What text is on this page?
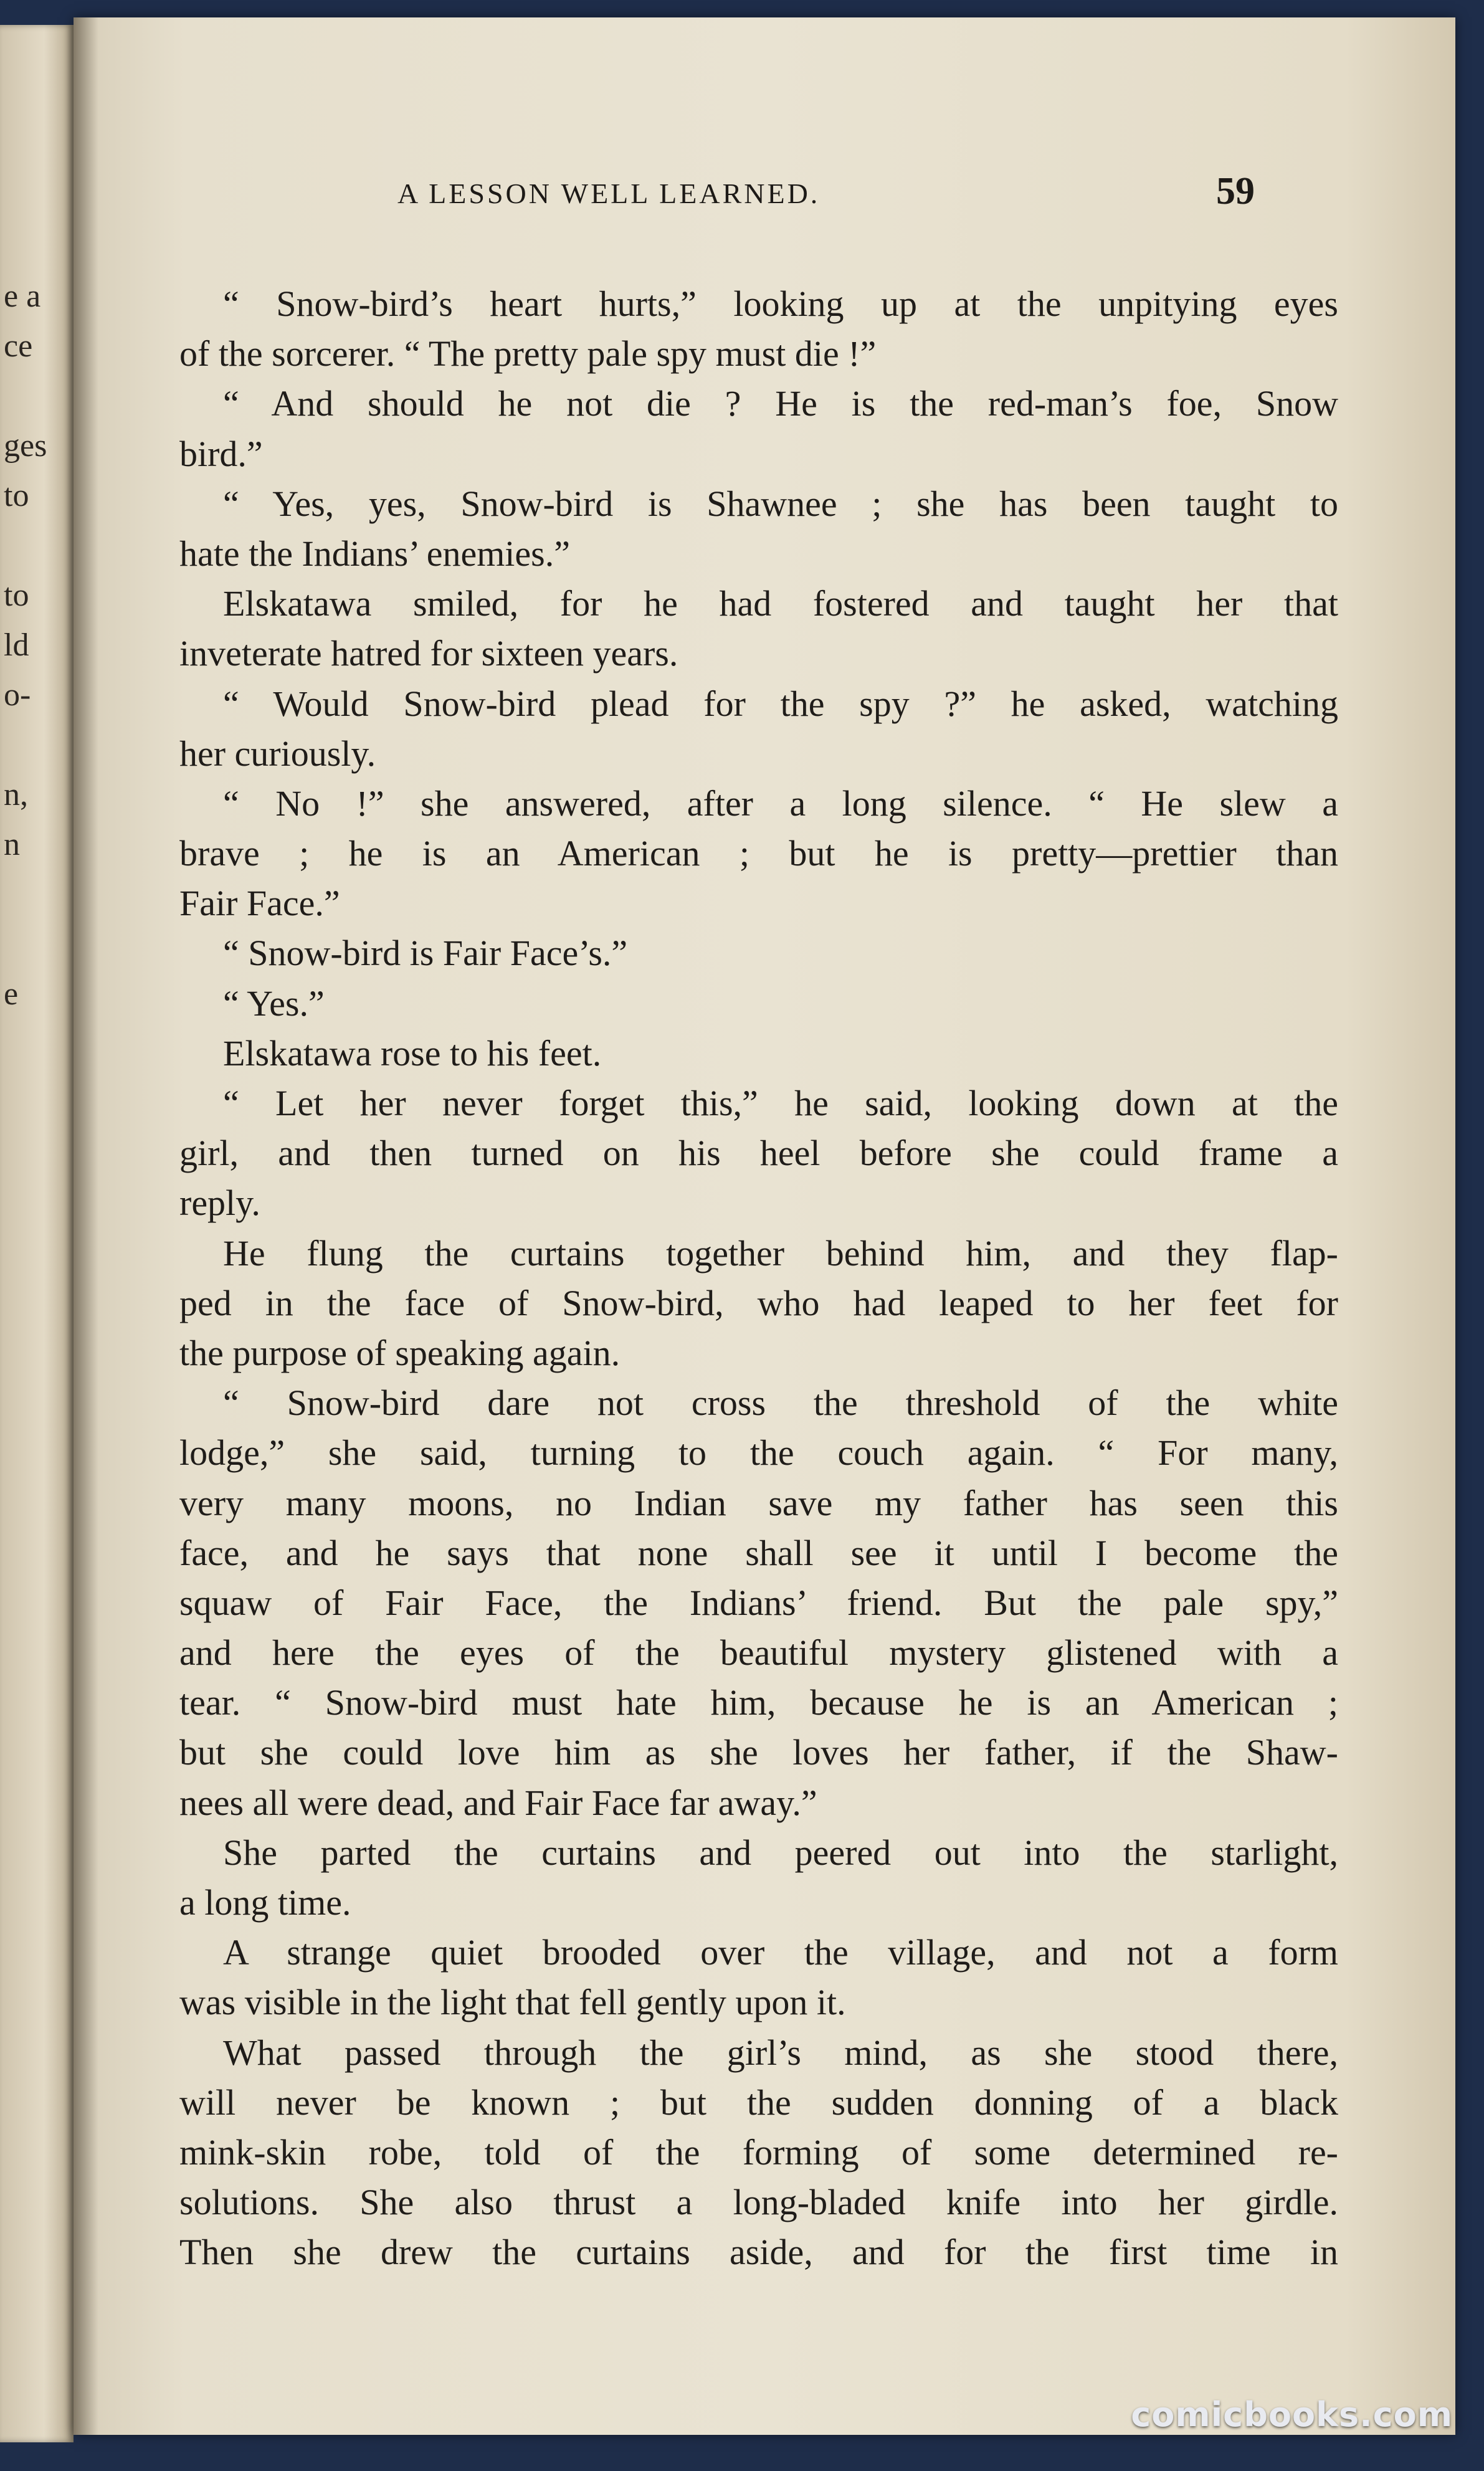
e a
ce
ges
to
to
ld
o-
n,
n
e
A LESSON WELL LEARNED.	59
“ Snow-bird’s heart hurts,” looking up at the unpitying eyes
of the sorcerer. “ The pretty pale spy must die !”
“ And should he not die ? He is the red-man’s foe, Snow
bird.”
“ Yes, yes, Snow-bird is Shawnee ; she has been taught to
hate the Indians’ enemies.”
Elskatawa smiled, for he had fostered and taught her that
inveterate hatred for sixteen years.
“ Would Snow-bird plead for the spy ?” he asked, watching
her curiously.
“ No !” she answered, after a long silence. “ He slew a
brave ; he is an American ; but he is pretty—prettier than
Fair Face.”
“ Snow-bird is Fair Face’s.”
“ Yes.”
Elskatawa rose to his feet.
“ Let her never forget this,” he said, looking down at the
girl, and then turned on his heel before she could frame a
reply.
He flung the curtains together behind him, and they flap-
ped in the face of Snow-bird, who had leaped to her feet for
the purpose of speaking again.
“ Snow-bird dare not cross the threshold of the white
lodge,” she said, turning to the couch again. “ For many,
very many moons, no Indian save my father has seen this
face, and he says that none shall see it until I become the
squaw of Fair Face, the Indians’ friend. But the pale spy,”
and here the eyes of the beautiful mystery glistened with a
tear. “ Snow-bird must hate him, because he is an American ;
but she could love him as she loves her father, if the Shaw-
nees all were dead, and Fair Face far away.”
She parted the curtains and peered out into the starlight,
a long time.
A strange quiet brooded over the village, and not a form
was visible in the light that fell gently upon it.
What passed through the girl’s mind, as she stood there,
will never be known ; but the sudden donning of a black
mink-skin robe, told of the forming of some determined re-
solutions. She also thrust a long-bladed knife into her girdle.
Then she drew the curtains aside, and for the first time in
comicbooks.com
